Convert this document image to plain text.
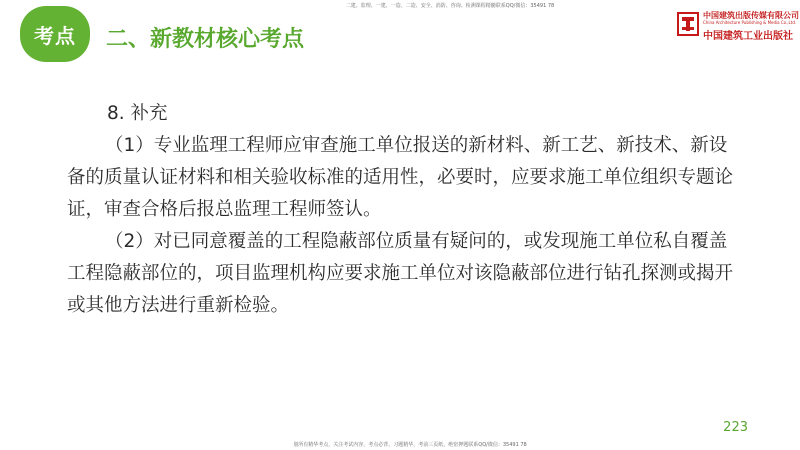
考点 二、新教材核心考点
二建、监理、一建、一造、二造、安全、消防、咨询、检测课程精髓联系QQ/微信：35491 78
中国建筑出版传媒有限公司
China Architecture Publishing & Media Co.,Ltd.
中国建筑工业出版社

8. 补充

（1）专业监理工程师应审查施工单位报送的新材料、新工艺、新技术、新设备的质量认证材料和相关验收标准的适用性，必要时，应要求施工单位组织专题论证，审查合格后报总监理工程师签认。

（2）对已同意覆盖的工程隐蔽部位质量有疑问的，或发现施工单位私自覆盖工程隐蔽部位的，项目监理机构应要求施工单位对该隐蔽部位进行钻孔探测或揭开或其他方法进行重新检验。

223
划所有精华考点，关注考试内容，考点必背，习题精华，考前三页纸，绝密押题联系QQ/微信：35491 78
